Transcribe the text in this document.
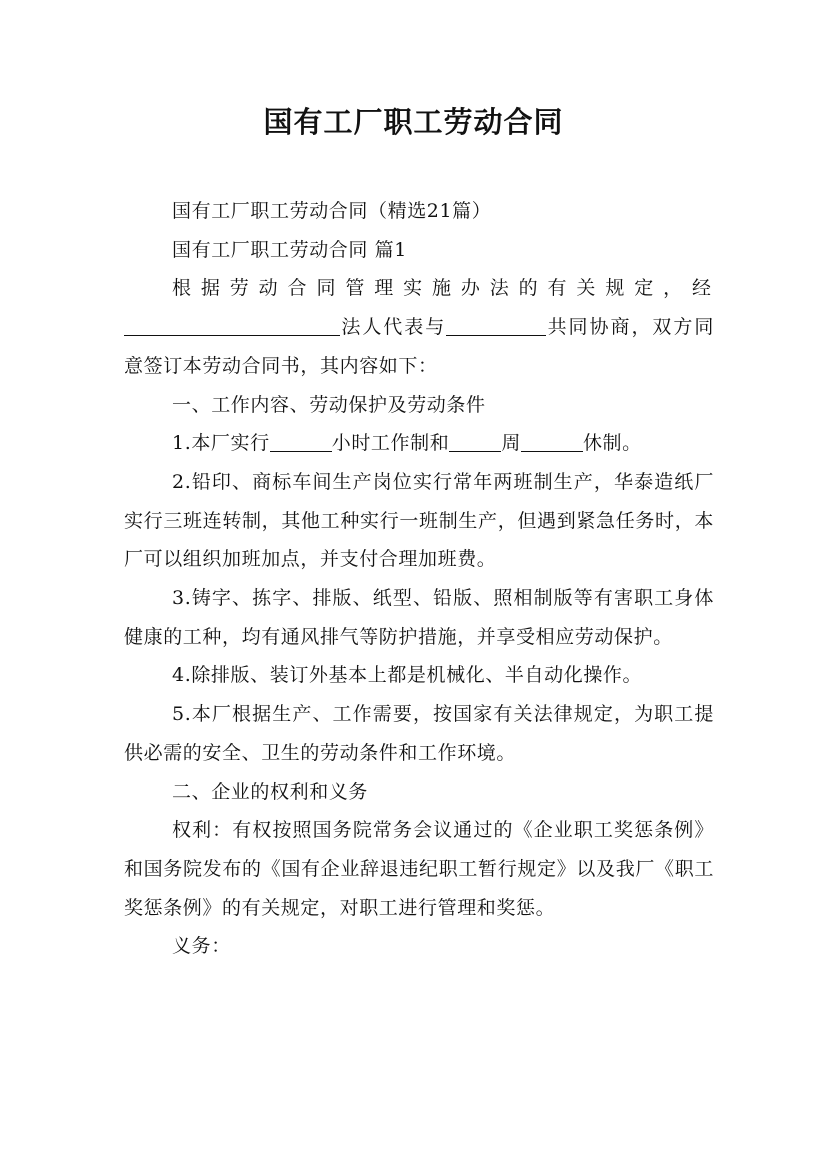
国有工厂职工劳动合同

国有工厂职工劳动合同（精选21篇）

国有工厂职工劳动合同 篇1

根据劳动合同管理实施办法的有关规定，经

法人代表与	共同协商，双方同意签订本劳动合同书，其内容如下：

一、工作内容、劳动保护及劳动条件

1.本厂实行	小时工作制和	周	休制。

2.铅印、商标车间生产岗位实行常年两班制生产，华泰造纸厂实行三班连转制，其他工种实行一班制生产，但遇到紧急任务时，本厂可以组织加班加点，并支付合理加班费。

3.铸字、拣字、排版、纸型、铅版、照相制版等有害职工身体健康的工种，均有通风排气等防护措施，并享受相应劳动保护。

4.除排版、装订外基本上都是机械化、半自动化操作。

5.本厂根据生产、工作需要，按国家有关法律规定，为职工提供必需的安全、卫生的劳动条件和工作环境。

二、企业的权利和义务

权利：有权按照国务院常务会议通过的《企业职工奖惩条例》和国务院发布的《国有企业辞退违纪职工暂行规定》以及我厂《职工奖惩条例》的有关规定，对职工进行管理和奖惩。

义务：
